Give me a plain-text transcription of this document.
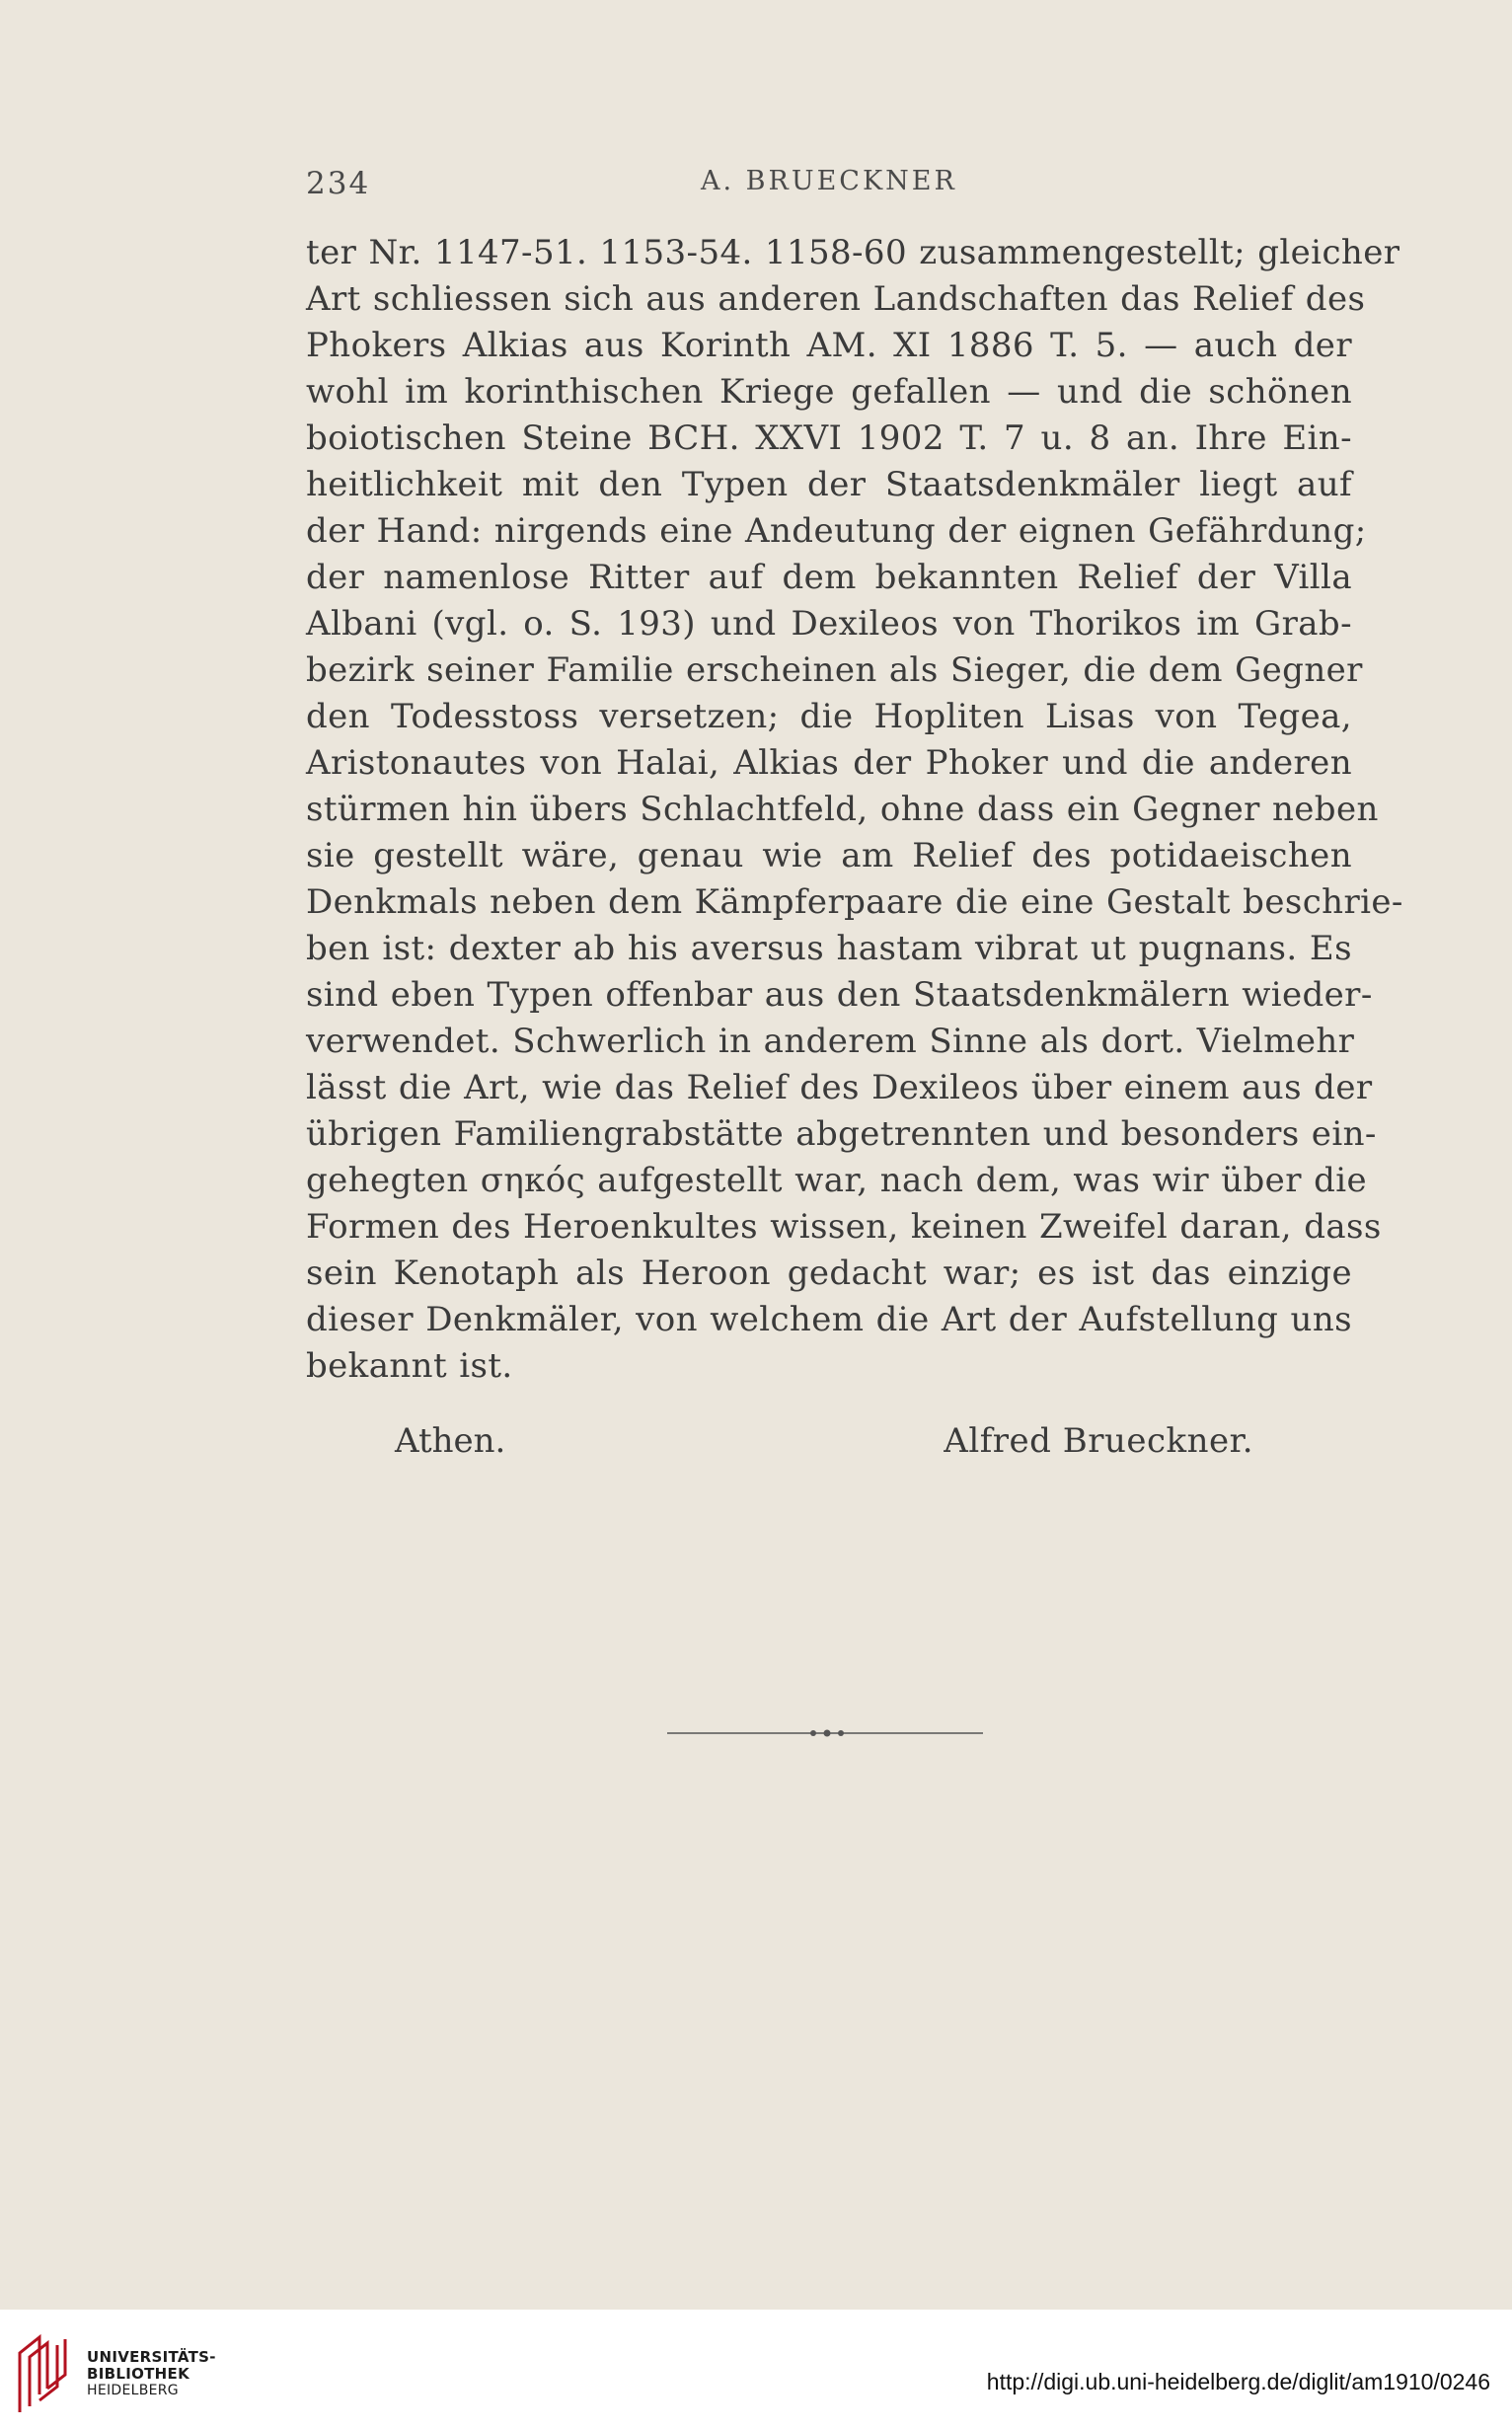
234	A. BRUECKNER
ter Nr. 1147-51. 1153-54. 1158-60 zusammengestellt; gleicher
Art schliessen sich aus anderen Landschaften das Relief des
Phokers Alkias aus Korinth AM. XI 1886 T. 5. — auch der
wohl im korinthischen Kriege gefallen — und die schönen
boiotischen Steine BCH. XXVI 1902 T. 7 u. 8 an. Ihre Ein-
heitlichkeit mit den Typen der Staatsdenkmäler liegt auf
der Hand: nirgends eine Andeutung der eignen Gefährdung;
der namenlose Ritter auf dem bekannten Relief der Villa
Albani (vgl. o. S. 193) und Dexileos von Thorikos im Grab-
bezirk seiner Familie erscheinen als Sieger, die dem Gegner
den Todesstoss versetzen; die Hopliten Lisas von Tegea,
Aristonautes von Halai, Alkias der Phoker und die anderen
stürmen hin übers Schlachtfeld, ohne dass ein Gegner neben
sie gestellt wäre, genau wie am Relief des potidaeischen
Denkmals neben dem Kämpferpaare die eine Gestalt beschrie-
ben ist: dexter ab his aversus hastam vibrat ut pugnans. Es
sind eben Typen offenbar aus den Staatsdenkmälern wieder-
verwendet. Schwerlich in anderem Sinne als dort. Vielmehr
lässt die Art, wie das Relief des Dexileos über einem aus der
übrigen Familiengrabstätte abgetrennten und besonders ein-
gehegten σηκός aufgestellt war, nach dem, was wir über die
Formen des Heroenkultes wissen, keinen Zweifel daran, dass
sein Kenotaph als Heroon gedacht war; es ist das einzige
dieser Denkmäler, von welchem die Art der Aufstellung uns
bekannt ist.
Athen.	Alfred Brueckner.
UNIVERSITÄTS-
BIBLIOTHEK
HEIDELBERG	http://digi.ub.uni-heidelberg.de/diglit/am1910/0246
